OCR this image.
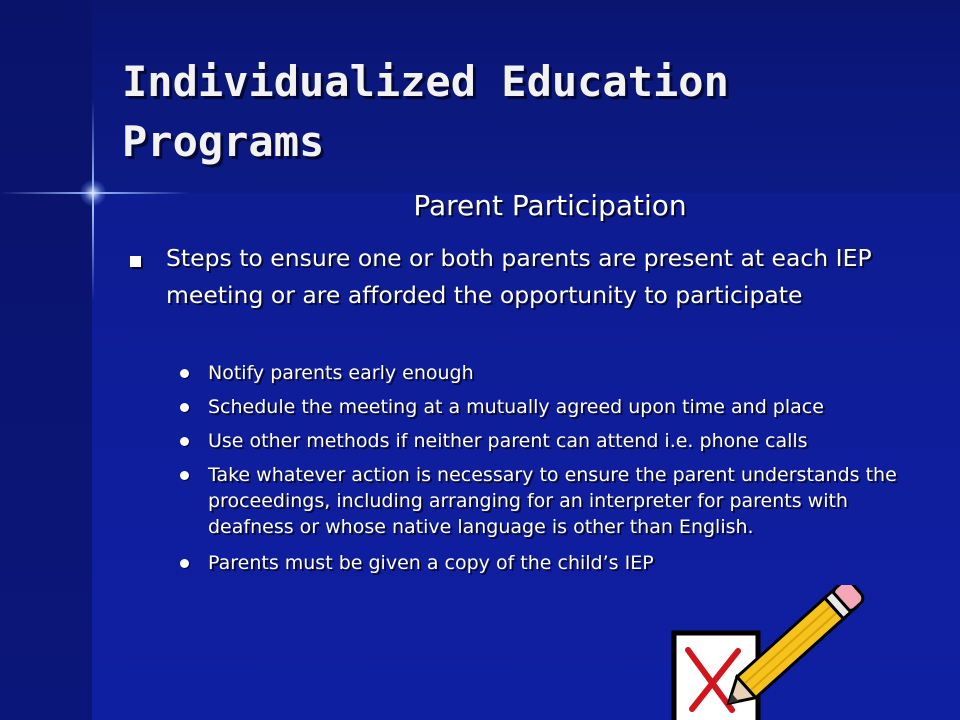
Individualized Education Programs
Parent Participation
Steps to ensure one or both parents are present at each IEP meeting or are afforded the opportunity to participate
Notify parents early enough
Schedule the meeting at a mutually agreed upon time and place
Use other methods if neither parent can attend i.e. phone calls
Take whatever action is necessary to ensure the parent understands the proceedings, including arranging for an interpreter for parents with deafness or whose native language is other than English.
Parents must be given a copy of the child’s IEP
